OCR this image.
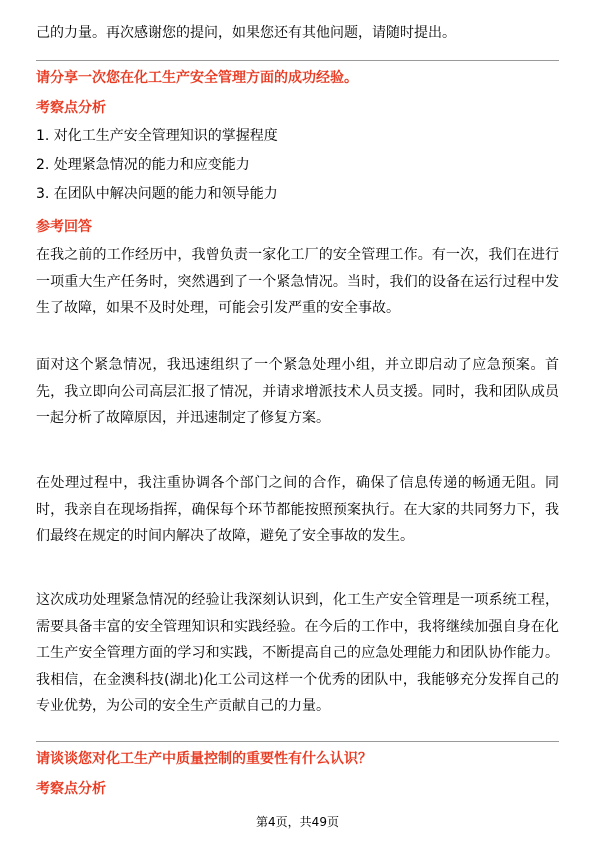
己的力量。再次感谢您的提问，如果您还有其他问题，请随时提出。

请分享一次您在化工生产安全管理方面的成功经验。

考察点分析

1. 对化工生产安全管理知识的掌握程度

2. 处理紧急情况的能力和应变能力

3. 在团队中解决问题的能力和领导能力

参考回答

在我之前的工作经历中，我曾负责一家化工厂的安全管理工作。有一次，我们在进行一项重大生产任务时，突然遇到了一个紧急情况。当时，我们的设备在运行过程中发生了故障，如果不及时处理，可能会引发严重的安全事故。

面对这个紧急情况，我迅速组织了一个紧急处理小组，并立即启动了应急预案。首先，我立即向公司高层汇报了情况，并请求增派技术人员支援。同时，我和团队成员一起分析了故障原因，并迅速制定了修复方案。

在处理过程中，我注重协调各个部门之间的合作，确保了信息传递的畅通无阻。同时，我亲自在现场指挥，确保每个环节都能按照预案执行。在大家的共同努力下，我们最终在规定的时间内解决了故障，避免了安全事故的发生。

这次成功处理紧急情况的经验让我深刻认识到，化工生产安全管理是一项系统工程，需要具备丰富的安全管理知识和实践经验。在今后的工作中，我将继续加强自身在化工生产安全管理方面的学习和实践，不断提高自己的应急处理能力和团队协作能力。我相信，在金澳科技(湖北)化工公司这样一个优秀的团队中，我能够充分发挥自己的专业优势，为公司的安全生产贡献自己的力量。

请谈谈您对化工生产中质量控制的重要性有什么认识？

考察点分析

第4页，共49页
